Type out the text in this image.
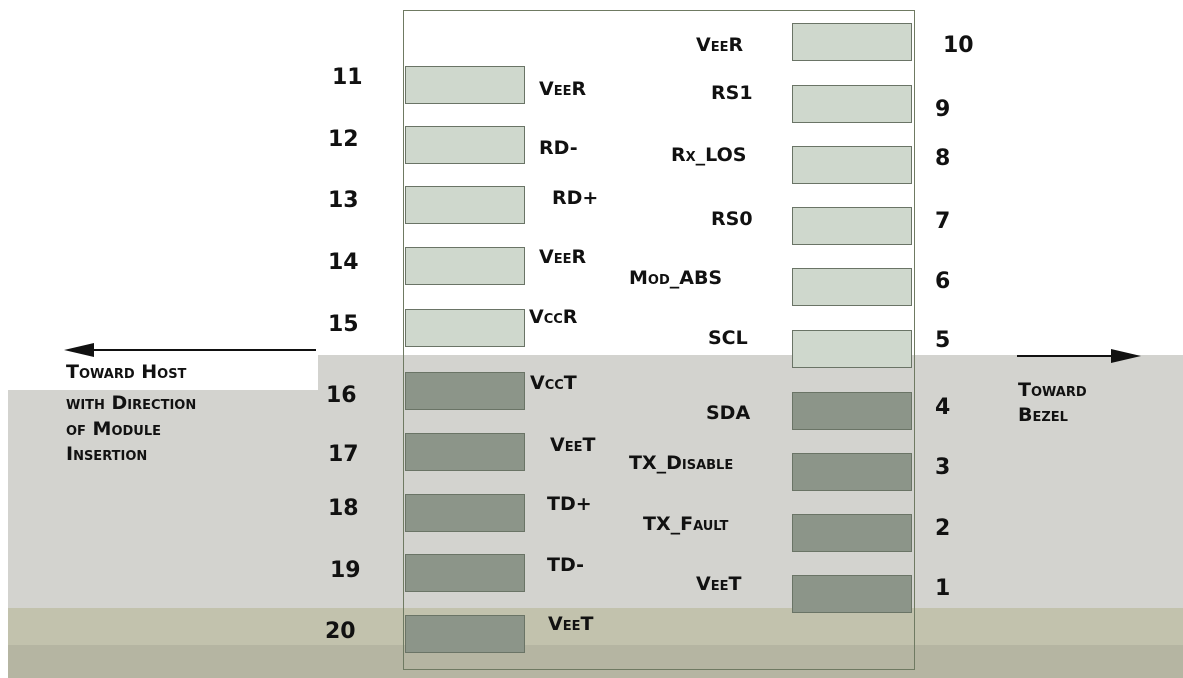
11
12
13
14
15
16
17
18
19
20
VeeR
RD-
RD+
VeeR
VccR
VccT
VeeT
TD+
TD-
VeeT
VeeR
RS1
Rx_LOS
RS0
Mod_ABS
SCL
SDA
TX_Disable
TX_Fault
VeeT
10
9
8
7
6
5
4
3
2
1
Toward Host
with Direction
of Module
Insertion
Toward
Bezel
